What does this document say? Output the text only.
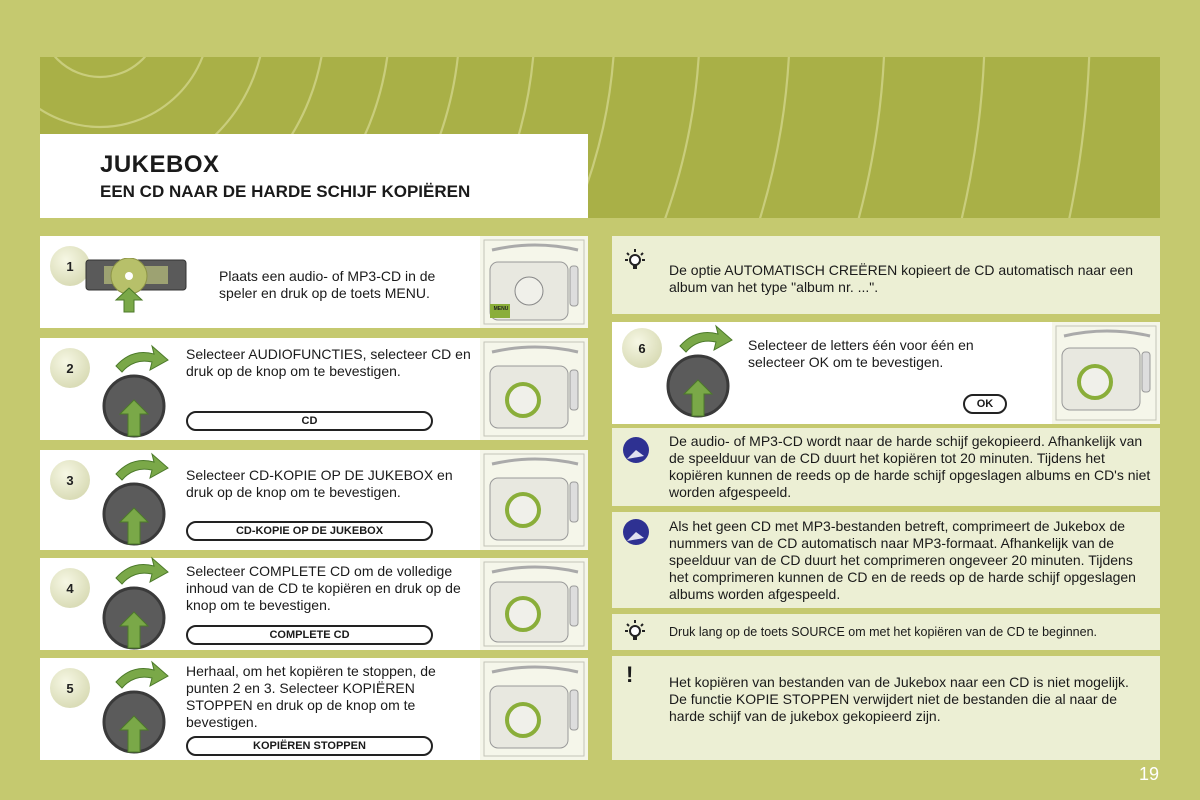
JUKEBOX
EEN CD NAAR DE HARDE SCHIJF KOPIËREN
1
Plaats een audio- of MP3-CD in de speler en druk op de toets MENU.
MENU
2
Selecteer AUDIOFUNCTIES, selecteer CD en druk op de knop om te bevestigen.
CD
3	Selecteer CD-KOPIE OP DE JUKEBOX en druk op de knop om te bevestigen.
CD-KOPIE OP DE JUKEBOX
4
Selecteer COMPLETE CD om de volledige inhoud van de CD te kopiëren en druk op de knop om te bevestigen.
COMPLETE CD
5
Herhaal, om het kopiëren te stoppen, de punten 2 en 3. Selecteer KOPIËREN STOPPEN en druk op de knop om te bevestigen.
KOPIËREN STOPPEN
De optie AUTOMATISCH CREËREN kopieert de CD automatisch naar een album van het type "album nr. ...".
6	Selecteer de letters één voor één en selecteer OK om te bevestigen.
OK
De audio- of MP3-CD wordt naar de harde schijf gekopieerd. Afhankelijk van de speelduur van de CD duurt het kopiëren tot 20 minuten. Tijdens het kopiëren kunnen de reeds op de harde schijf opgeslagen albums en CD's niet worden afgespeeld.
Als het geen CD met MP3-bestanden betreft, comprimeert de Jukebox de nummers van de CD automatisch naar MP3-formaat. Afhankelijk van de speelduur van de CD duurt het comprimeren ongeveer 20 minuten. Tijdens het comprimeren kunnen de CD en de reeds op de harde schijf opgeslagen albums worden afgespeeld.
Druk lang op de toets SOURCE om met het kopiëren van de CD te beginnen.
!	Het kopiëren van bestanden van de Jukebox naar een CD is niet mogelijk.
De functie KOPIE STOPPEN verwijdert niet de bestanden die al naar de harde schijf van de jukebox gekopieerd zijn.
19
